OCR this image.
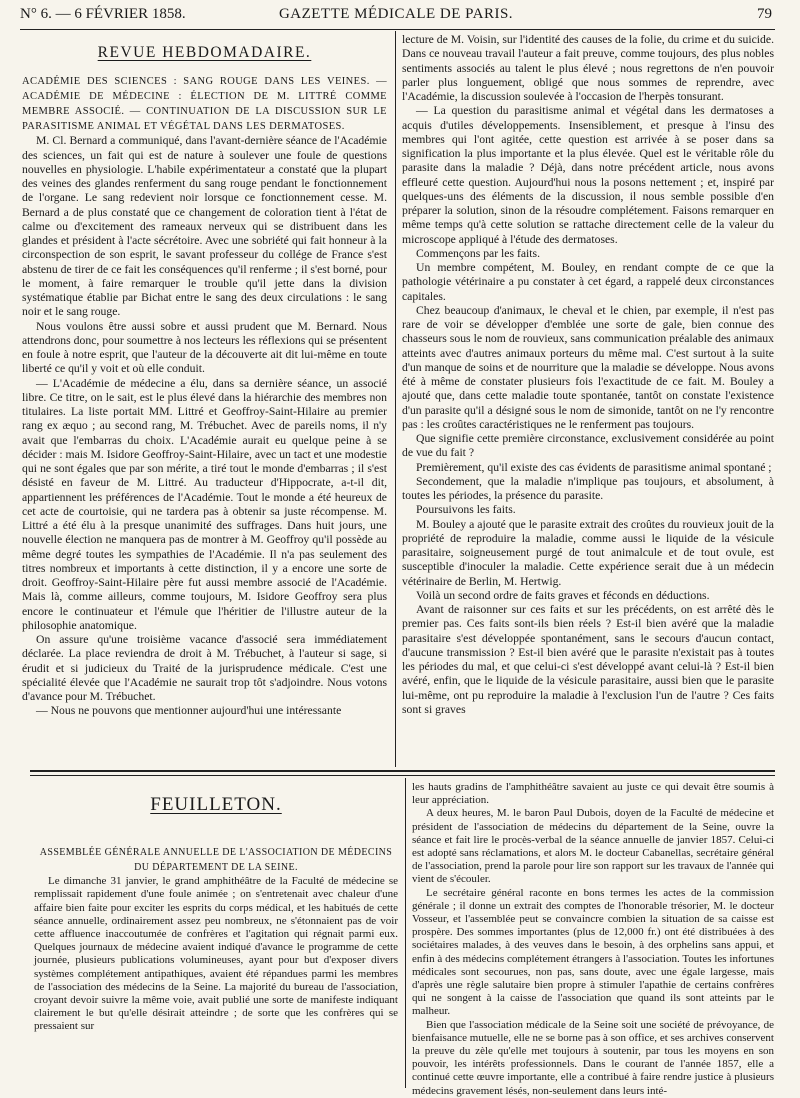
N° 6. — 6 FÉVRIER 1858.	GAZETTE MÉDICALE DE PARIS.	79
REVUE HEBDOMADAIRE.

ACADÉMIE DES SCIENCES : SANG ROUGE DANS LES VEINES. — ACADÉMIE DE MÉDECINE : ÉLECTION DE M. LITTRÉ COMME MEMBRE ASSOCIÉ. — CONTINUATION DE LA DISCUSSION SUR LE PARASITISME ANIMAL ET VÉGÉTAL DANS LES DERMATOSES.

M. Cl. Bernard a communiqué, dans l'avant-dernière séance de l'Académie des sciences, un fait qui est de nature à soulever une foule de questions nouvelles en physiologie. L'habile expérimentateur a constaté que la plupart des veines des glandes renferment du sang rouge pendant le fonctionnement de l'organe. Le sang redevient noir lorsque ce fonctionnement cesse. M. Bernard a de plus constaté que ce changement de coloration tient à l'état de calme ou d'excitement des rameaux nerveux qui se distribuent dans les glandes et président à l'acte sécrétoire. Avec une sobriété qui fait honneur à la circonspection de son esprit, le savant professeur du collége de France s'est abstenu de tirer de ce fait les conséquences qu'il renferme ; il s'est borné, pour le moment, à faire remarquer le trouble qu'il jette dans la division systématique établie par Bichat entre le sang des deux circulations : le sang noir et le sang rouge.

Nous voulons être aussi sobre et aussi prudent que M. Bernard. Nous attendrons donc, pour soumettre à nos lecteurs les réflexions qui se présentent en foule à notre esprit, que l'auteur de la découverte ait dit lui-même en toute liberté ce qu'il y voit et où elle conduit.

— L'Académie de médecine a élu, dans sa dernière séance, un associé libre. Ce titre, on le sait, est le plus élevé dans la hiérarchie des membres non titulaires. La liste portait MM. Littré et Geoffroy-Saint-Hilaire au premier rang ex æquo ; au second rang, M. Trébuchet. Avec de pareils noms, il n'y avait que l'embarras du choix. L'Académie aurait eu quelque peine à se décider : mais M. Isidore Geoffroy-Saint-Hilaire, avec un tact et une modestie qui ne sont égales que par son mérite, a tiré tout le monde d'embarras ; il s'est désisté en faveur de M. Littré. Au traducteur d'Hippocrate, a-t-il dit, appartiennent les préférences de l'Académie. Tout le monde a été heureux de cet acte de courtoisie, qui ne tardera pas à obtenir sa juste récompense. M. Littré a été élu à la presque unanimité des suffrages. Dans huit jours, une nouvelle élection ne manquera pas de montrer à M. Geoffroy qu'il possède au même degré toutes les sympathies de l'Académie. Il n'a pas seulement des titres nombreux et importants à cette distinction, il y a encore une sorte de droit. Geoffroy-Saint-Hilaire père fut aussi membre associé de l'Académie. Mais là, comme ailleurs, comme toujours, M. Isidore Geoffroy sera plus encore le continuateur et l'émule que l'héritier de l'illustre auteur de la philosophie anatomique.

On assure qu'une troisième vacance d'associé sera immédiatement déclarée. La place reviendra de droit à M. Trébuchet, à l'auteur si sage, si érudit et si judicieux du Traité de la jurisprudence médicale. C'est une spécialité élevée que l'Académie ne saurait trop tôt s'adjoindre. Nous votons d'avance pour M. Trébuchet.

— Nous ne pouvons que mentionner aujourd'hui une intéressante

lecture de M. Voisin, sur l'identité des causes de la folie, du crime et du suicide. Dans ce nouveau travail l'auteur a fait preuve, comme toujours, des plus nobles sentiments associés au talent le plus élevé ; nous regrettons de n'en pouvoir parler plus longuement, obligé que nous sommes de reprendre, avec l'Académie, la discussion soulevée à l'occasion de l'herpès tonsurant.

— La question du parasitisme animal et végétal dans les dermatoses a acquis d'utiles développements. Insensiblement, et presque à l'insu des membres qui l'ont agitée, cette question est arrivée à se poser dans sa signification la plus importante et la plus élevée. Quel est le véritable rôle du parasite dans la maladie ? Déjà, dans notre précédent article, nous avons effleuré cette question. Aujourd'hui nous la posons nettement ; et, inspiré par quelques-uns des éléments de la discussion, il nous semble possible d'en préparer la solution, sinon de la résoudre complétement. Faisons remarquer en même temps qu'à cette solution se rattache directement celle de la valeur du microscope appliqué à l'étude des dermatoses.

Commençons par les faits.

Un membre compétent, M. Bouley, en rendant compte de ce que la pathologie vétérinaire a pu constater à cet égard, a rappelé deux circonstances capitales.

Chez beaucoup d'animaux, le cheval et le chien, par exemple, il n'est pas rare de voir se développer d'emblée une sorte de gale, bien connue des chasseurs sous le nom de rouvieux, sans communication préalable des animaux atteints avec d'autres animaux porteurs du même mal. C'est surtout à la suite d'un manque de soins et de nourriture que la maladie se développe. Nous avons été à même de constater plusieurs fois l'exactitude de ce fait. M. Bouley a ajouté que, dans cette maladie toute spontanée, tantôt on constate l'existence d'un parasite qu'il a désigné sous le nom de simonide, tantôt on ne l'y rencontre pas : les croûtes caractéristiques ne le renferment pas toujours.

Que signifie cette première circonstance, exclusivement considérée au point de vue du fait ?

Premièrement, qu'il existe des cas évidents de parasitisme animal spontané ;

Secondement, que la maladie n'implique pas toujours, et absolument, à toutes les périodes, la présence du parasite.

Poursuivons les faits.

M. Bouley a ajouté que le parasite extrait des croûtes du rouvieux jouit de la propriété de reproduire la maladie, comme aussi le liquide de la vésicule parasitaire, soigneusement purgé de tout animalcule et de tout ovule, est susceptible d'inoculer la maladie. Cette expérience serait due à un médecin vétérinaire de Berlin, M. Hertwig.

Voilà un second ordre de faits graves et féconds en déductions.

Avant de raisonner sur ces faits et sur les précédents, on est arrêté dès le premier pas. Ces faits sont-ils bien réels ? Est-il bien avéré que la maladie parasitaire s'est développée spontanément, sans le secours d'aucun contact, d'aucune transmission ? Est-il bien avéré que le parasite n'existait pas à toutes les périodes du mal, et que celui-ci s'est développé avant celui-là ? Est-il bien avéré, enfin, que le liquide de la vésicule parasitaire, aussi bien que le parasite lui-même, ont pu reproduire la maladie à l'exclusion l'un de l'autre ? Ces faits sont si graves

FEUILLETON.

ASSEMBLÉE GÉNÉRALE ANNUELLE DE L'ASSOCIATION DE MÉDECINS DU DÉPARTEMENT DE LA SEINE.

Le dimanche 31 janvier, le grand amphithéâtre de la Faculté de médecine se remplissait rapidement d'une foule animée ; on s'entretenait avec chaleur d'une affaire bien faite pour exciter les esprits du corps médical, et les habitués de cette séance annuelle, ordinairement assez peu nombreux, ne s'étonnaient pas de voir cette affluence inaccoutumée de confrères et l'agitation qui régnait parmi eux. Quelques journaux de médecine avaient indiqué d'avance le programme de cette journée, plusieurs publications volumineuses, ayant pour but d'exposer divers systèmes complétement antipathiques, avaient été répandues parmi les membres de l'association des médecins de la Seine. La majorité du bureau de l'association, croyant devoir suivre la même voie, avait publié une sorte de manifeste indiquant clairement le but qu'elle désirait atteindre ; de sorte que les confrères qui se pressaient sur

les hauts gradins de l'amphithéâtre savaient au juste ce qui devait être soumis à leur appréciation.

A deux heures, M. le baron Paul Dubois, doyen de la Faculté de médecine et président de l'association de médecins du département de la Seine, ouvre la séance et fait lire le procès-verbal de la séance annuelle de janvier 1857. Celui-ci est adopté sans réclamations, et alors M. le docteur Cabanellas, secrétaire général de l'association, prend la parole pour lire son rapport sur les travaux de l'année qui vient de s'écouler.

Le secrétaire général raconte en bons termes les actes de la commission générale ; il donne un extrait des comptes de l'honorable trésorier, M. le docteur Vosseur, et l'assemblée peut se convaincre combien la situation de sa caisse est prospère. Des sommes importantes (plus de 12,000 fr.) ont été distribuées à des sociétaires malades, à des veuves dans le besoin, à des orphelins sans appui, et enfin à des médecins complétement étrangers à l'association. Toutes les infortunes médicales sont secourues, non pas, sans doute, avec une égale largesse, mais d'après une règle salutaire bien propre à stimuler l'apathie de certains confrères qui ne songent à la caisse de l'association que quand ils sont atteints par le malheur.

Bien que l'association médicale de la Seine soit une société de prévoyance, de bienfaisance mutuelle, elle ne se borne pas à son office, et ses archives conservent la preuve du zèle qu'elle met toujours à soutenir, par tous les moyens en son pouvoir, les intérêts professionnels. Dans le courant de l'année 1857, elle a continué cette œuvre importante, elle a contribué à faire rendre justice à plusieurs médecins gravement lésés, non-seulement dans leurs inté-
